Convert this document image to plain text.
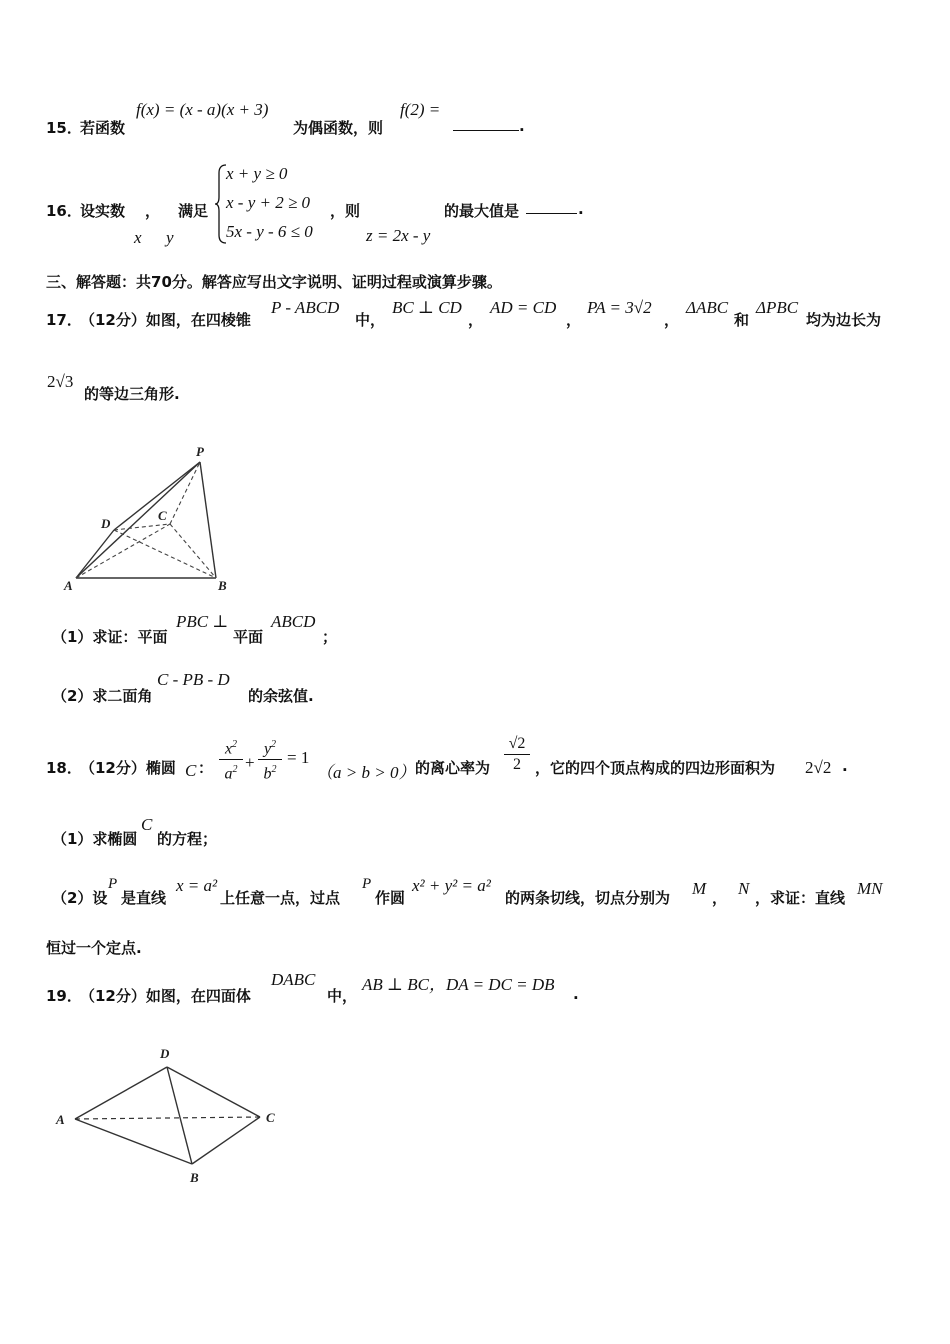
15．
若函数
f(x) = (x - a)(x + 3)
为偶函数，则
f(2) =
.
16．
设实数 ， 满足
x y
x + y ≥ 0
x - y + 2 ≥ 0
5x - y - 6 ≤ 0
，则
z = 2x - y
的最大值是	.
三、解答题：共70分。解答应写出文字说明、证明过程或演算步骤。
17．
（12分）如图，在四棱锥
P - ABCD
中，
BC ⊥ CD
，
AD = CD
，
PA = 3√2
，
ΔABC
和
ΔPBC
均为边长为
2√3
的等边三角形.
P
D
C
A	B
（1）求证：平面
PBC ⊥
平面
ABCD
；
（2）求二面角
C - PB - D
的余弦值.
18．
（12分）椭圆 C ： $\frac{x^2}{a^2} + \frac{y^2}{b^2} = 1$
（a > b > 0） 的离心率为 $\frac{√2}{2}$ ，它的四个顶点构成的四边形面积为 2√2 .
（1）求椭圆
C
的方程；
（2）设
P
是直线
x = a²
上任意一点，过点
P
作圆
x² + y² = a²
的两条切线，切点分别为 M ， N ，求证：直线 MN
恒过一个定点.
19．
（12分）如图，在四面体
DABC
中，
AB ⊥ BC，DA = DC = DB .
D
A	C
B
